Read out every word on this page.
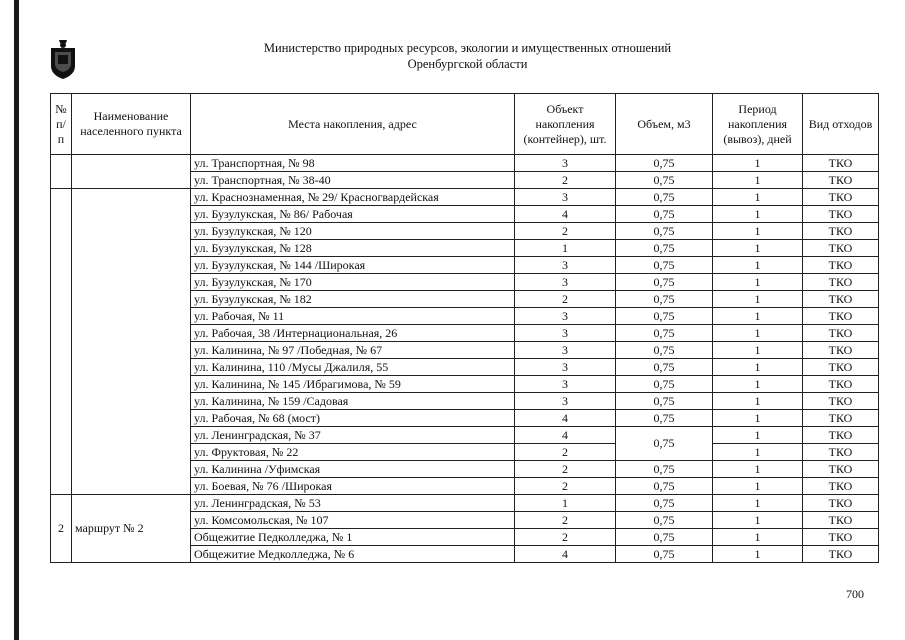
Министерство природных ресурсов, экологии и имущественных отношений
Оренбургской области
№ п/п	Наименование населенного пункта	Места накопления, адрес	Объект накопления (контейнер), шт.	Объем, м3	Период накопления (вывоз), дней	Вид отходов
		ул. Транспортная, № 98	3	0,75	1	ТКО
		ул. Транспортная, № 38-40	2	0,75	1	ТКО
		ул. Краснознаменная, № 29/ Красногвардейская	3	0,75	1	ТКО
		ул. Бузулукская, № 86/ Рабочая	4	0,75	1	ТКО
		ул. Бузулукская, № 120	2	0,75	1	ТКО
		ул. Бузулукская, № 128	1	0,75	1	ТКО
		ул. Бузулукская, № 144 /Широкая	3	0,75	1	ТКО
		ул. Бузулукская, № 170	3	0,75	1	ТКО
		ул. Бузулукская, № 182	2	0,75	1	ТКО
		ул. Рабочая, № 11	3	0,75	1	ТКО
		ул. Рабочая, 38 /Интернациональная, 26	3	0,75	1	ТКО
		ул. Калинина, № 97 /Победная, № 67	3	0,75	1	ТКО
		ул. Калинина, 110 /Мусы Джалиля, 55	3	0,75	1	ТКО
		ул. Калинина, № 145 /Ибрагимова, № 59	3	0,75	1	ТКО
		ул. Калинина, № 159 /Садовая	3	0,75	1	ТКО
		ул. Рабочая, № 68 (мост)	4	0,75	1	ТКО
		ул. Ленинградская, № 37	4	0,75	1	ТКО
		ул. Фруктовая, № 22	2		1	ТКО
		ул. Калинина /Уфимская	2	0,75	1	ТКО
		ул. Боевая, № 76 /Широкая	2	0,75	1	ТКО
2	маршрут № 2	ул. Ленинградская, № 53	1	0,75	1	ТКО
		ул. Комсомольская, № 107	2	0,75	1	ТКО
		Общежитие Педколледжа, № 1	2	0,75	1	ТКО
		Общежитие Медколледжа, № 6	4	0,75	1	ТКО
700
